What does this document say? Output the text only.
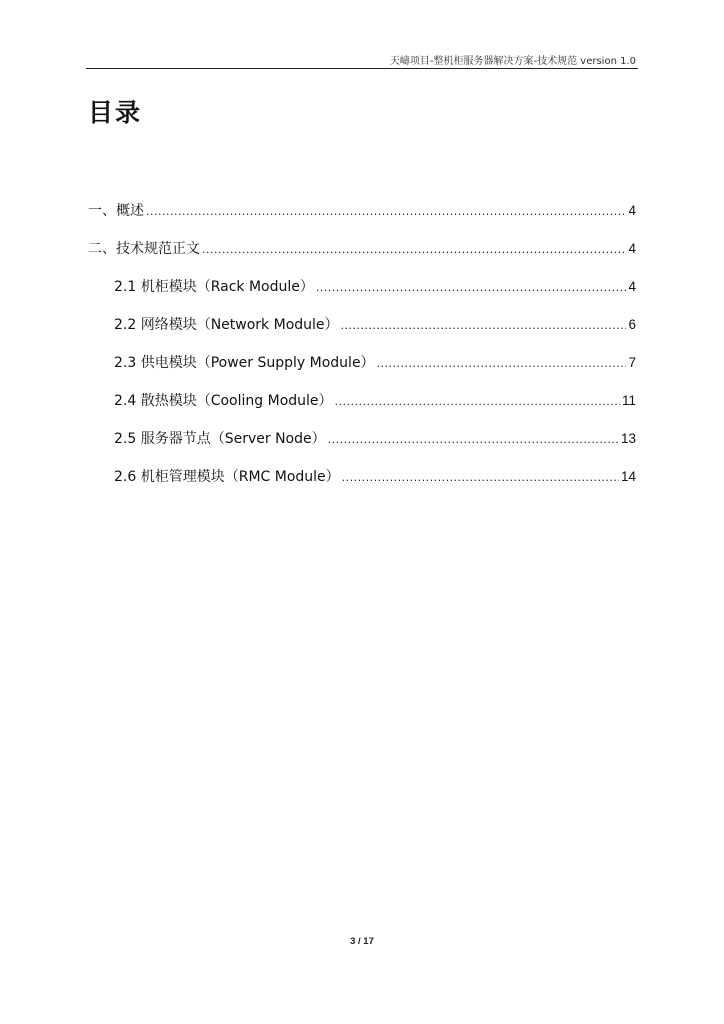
天嶹项目-整机柜服务器解决方案-技术规范 version 1.0
目录
一、概述 .....	4
二、技术规范正文 .....	4
2.1 机柜模块（Rack Module） .....	4
2.2 网络模块（Network Module） .....	6
2.3 供电模块（Power Supply Module） .....	7
2.4 散热模块（Cooling Module） .....	11
2.5 服务器节点（Server Node） .....	13
2.6 机柜管理模块（RMC Module） .....	14
3 / 17
